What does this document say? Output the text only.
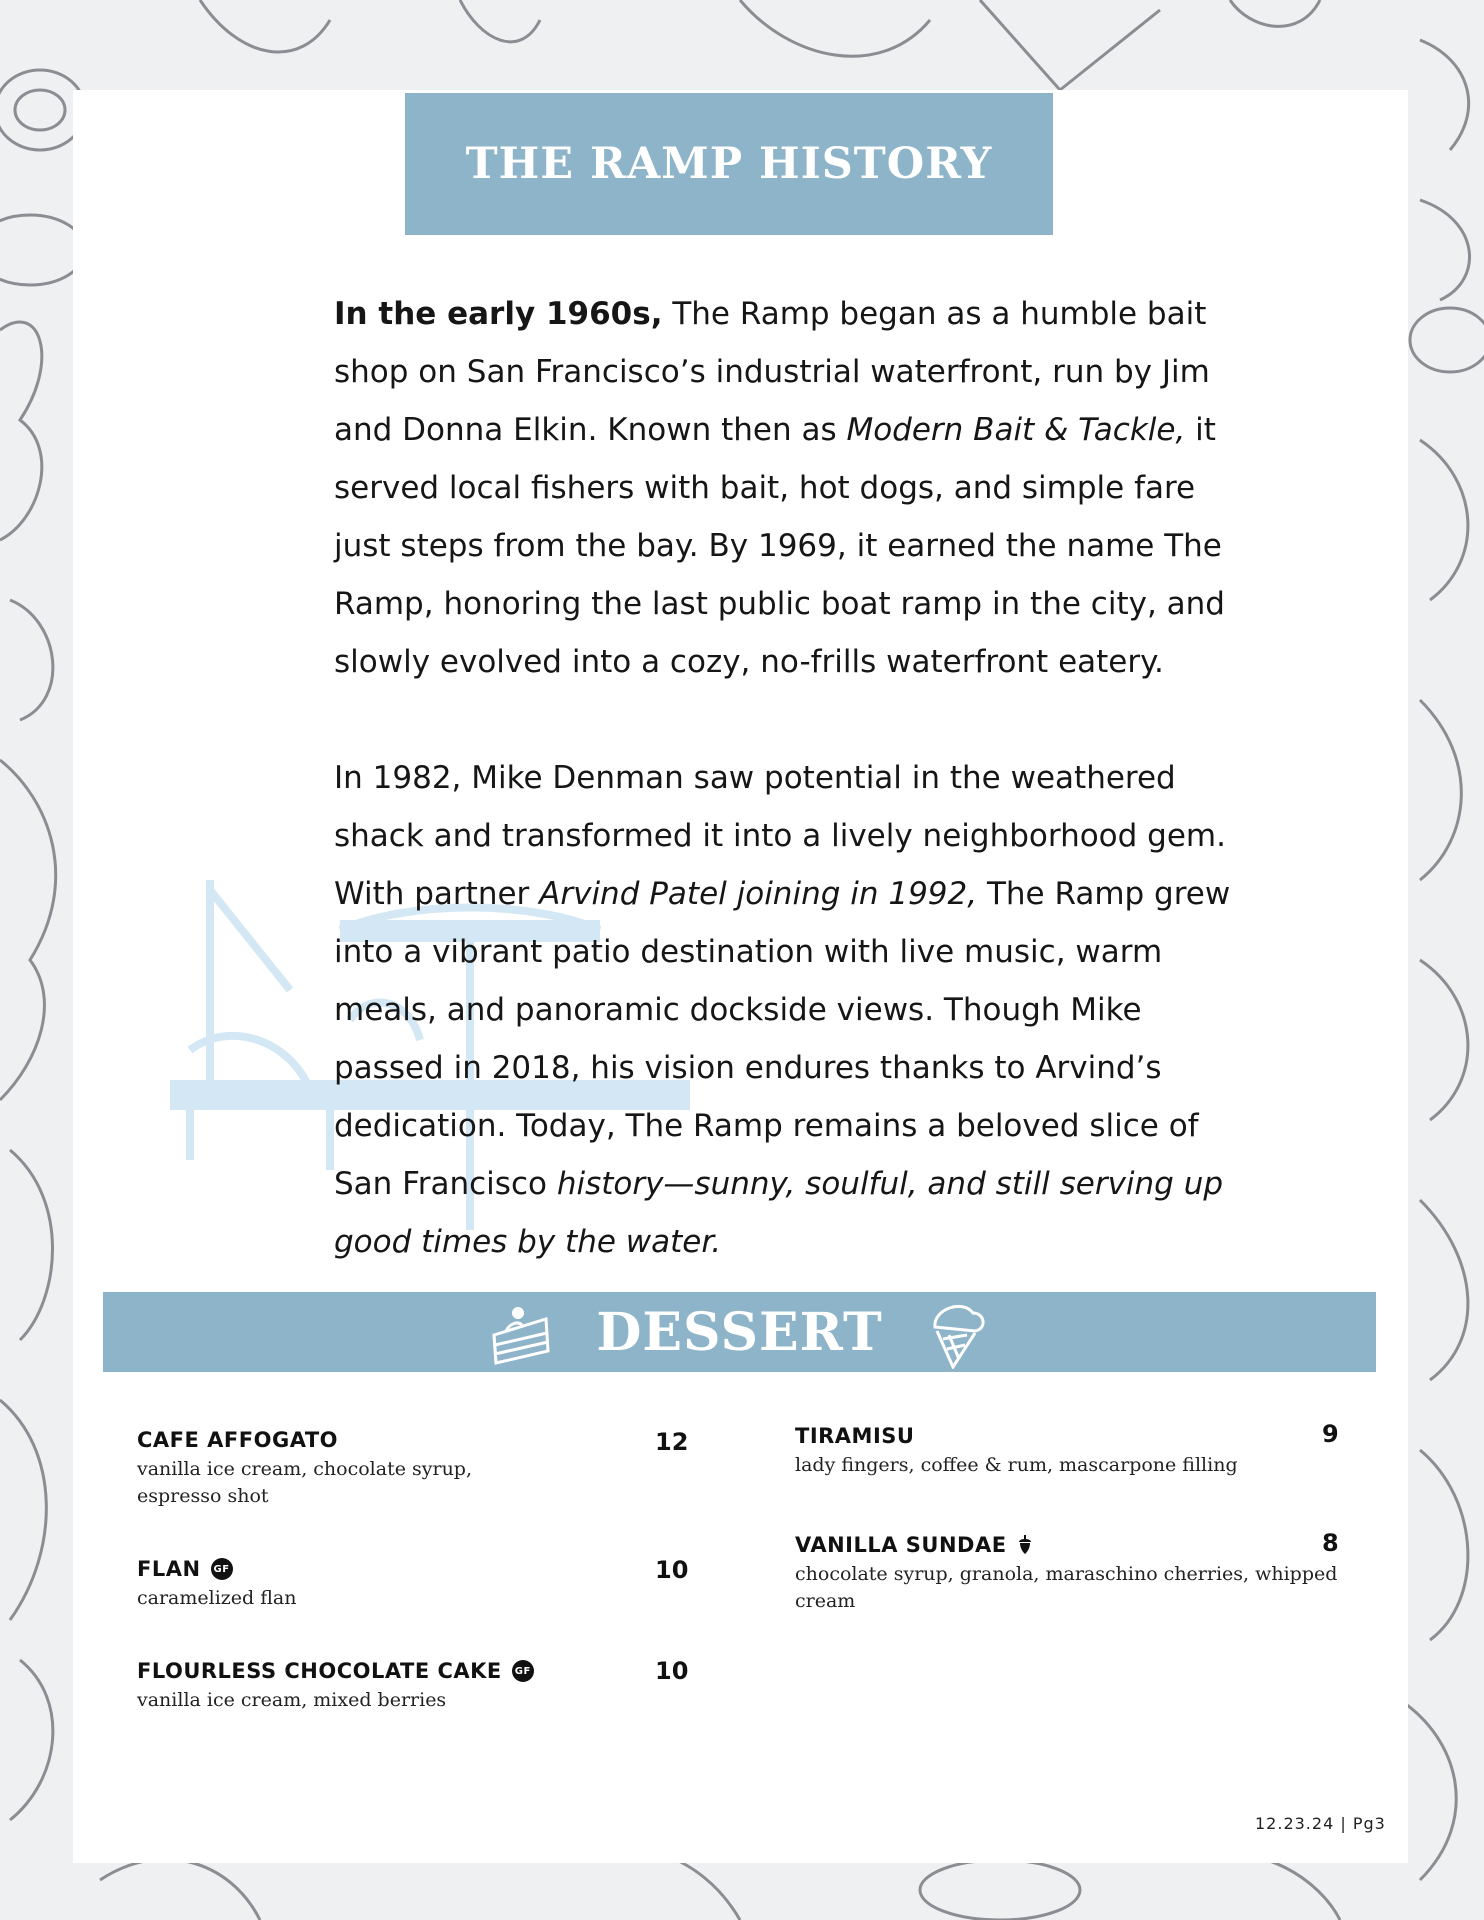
THE RAMP HISTORY

In the early 1960s, The Ramp began as a humble bait shop on San Francisco’s industrial waterfront, run by Jim and Donna Elkin. Known then as Modern Bait & Tackle, it served local fishers with bait, hot dogs, and simple fare just steps from the bay. By 1969, it earned the name The Ramp, honoring the last public boat ramp in the city, and slowly evolved into a cozy, no-frills waterfront eatery.

In 1982, Mike Denman saw potential in the weathered shack and transformed it into a lively neighborhood gem. With partner Arvind Patel joining in 1992, The Ramp grew into a vibrant patio destination with live music, warm meals, and panoramic dockside views. Though Mike passed in 2018, his vision endures thanks to Arvind’s dedication. Today, The Ramp remains a beloved slice of San Francisco history—sunny, soulful, and still serving up good times by the water.

DESSERT
CAFE AFFOGATO
vanilla ice cream, chocolate syrup, espresso shot
12
FLAN GF
caramelized flan
10
FLOURLESS CHOCOLATE CAKE GF
vanilla ice cream, mixed berries
10
TIRAMISU
lady fingers, coffee & rum, mascarpone filling
9
VANILLA SUNDAE
chocolate syrup, granola, maraschino cherries, whipped cream
8
12.23.24 | Pg3
